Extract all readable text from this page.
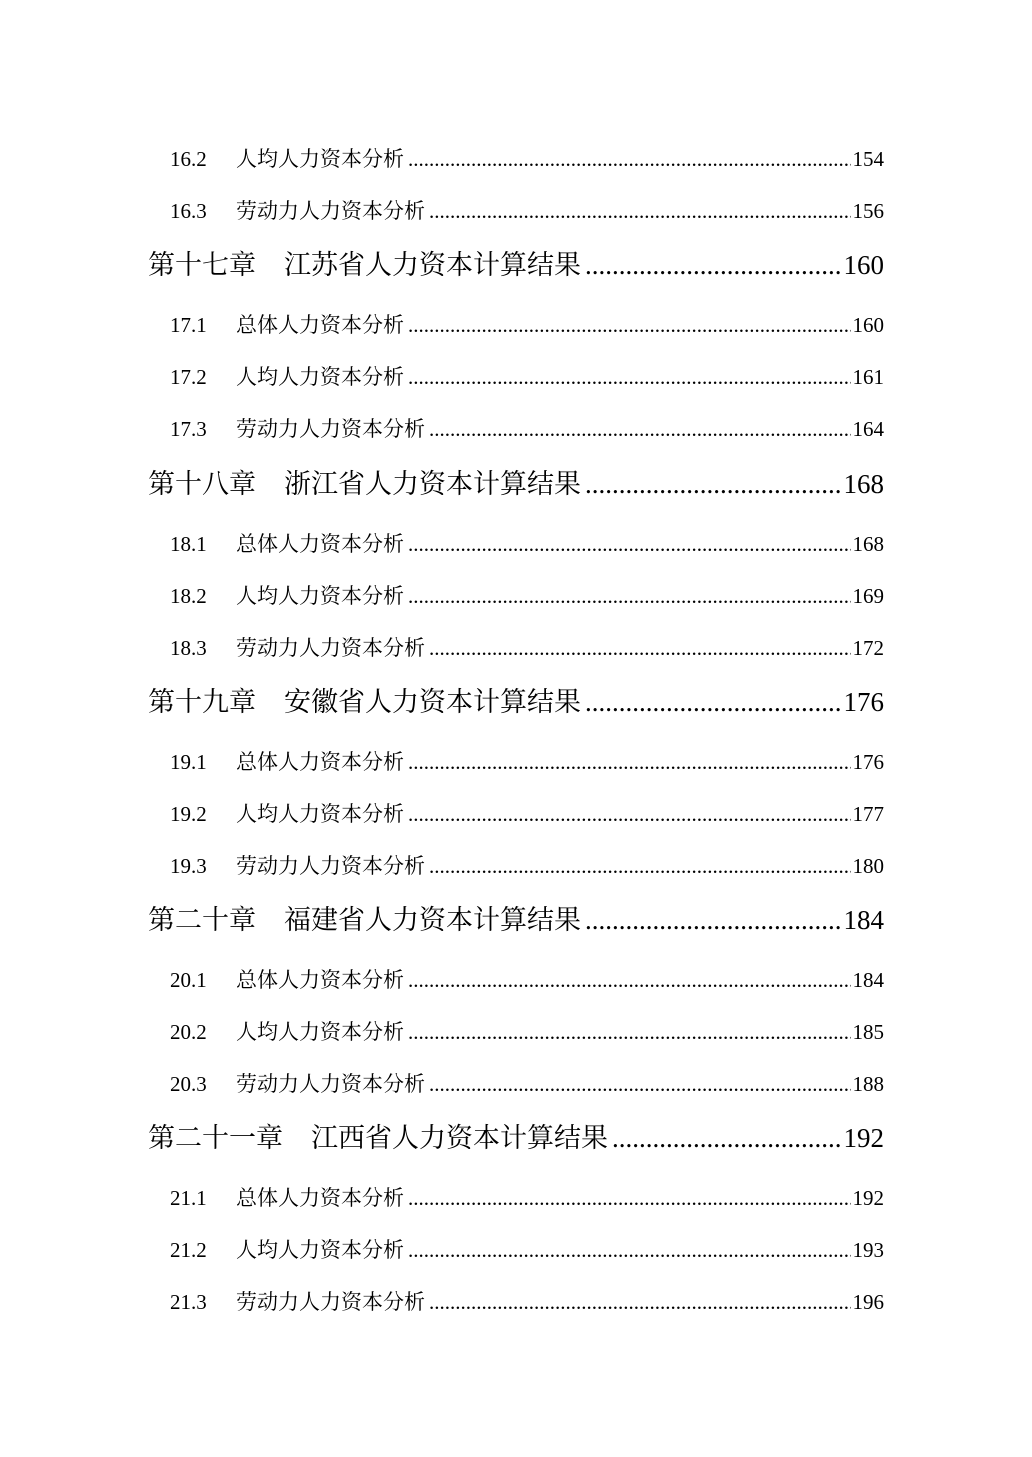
16.2	人均人力资本分析 .....	154
16.3	劳动力人力资本分析 .....	156
第十七章 江苏省人力资本计算结果 .....	160
17.1	总体人力资本分析 .....	160
17.2	人均人力资本分析 .....	161
17.3	劳动力人力资本分析 .....	164
第十八章 浙江省人力资本计算结果 .....	168
18.1	总体人力资本分析 .....	168
18.2	人均人力资本分析 .....	169
18.3	劳动力人力资本分析 .....	172
第十九章 安徽省人力资本计算结果 .....	176
19.1	总体人力资本分析 .....	176
19.2	人均人力资本分析 .....	177
19.3	劳动力人力资本分析 .....	180
第二十章 福建省人力资本计算结果 .....	184
20.1	总体人力资本分析 .....	184
20.2	人均人力资本分析 .....	185
20.3	劳动力人力资本分析 .....	188
第二十一章 江西省人力资本计算结果 .....	192
21.1	总体人力资本分析 .....	192
21.2	人均人力资本分析 .....	193
21.3	劳动力人力资本分析 .....	196
